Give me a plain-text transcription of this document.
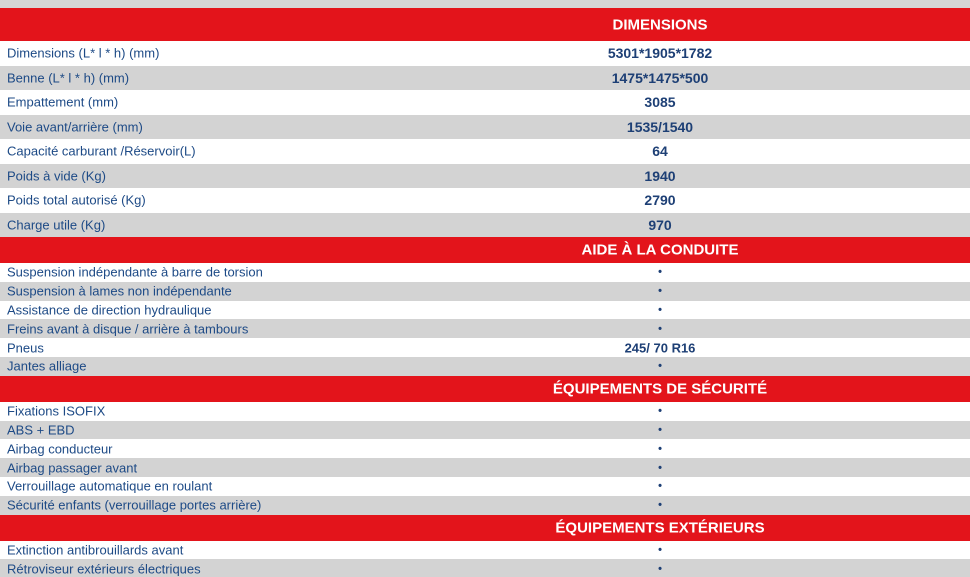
DIMENSIONS
Dimensions (L* l * h) (mm)	5301*1905*1782
Benne (L* l * h) (mm)	1475*1475*500
Empattement (mm)	3085
Voie avant/arrière (mm)	1535/1540
Capacité carburant /Réservoir(L)	64
Poids à vide (Kg)	1940
Poids total autorisé (Kg)	2790
Charge utile (Kg)	970
AIDE À LA CONDUITE
Suspension indépendante à barre de torsion	•
Suspension à lames non indépendante	•
Assistance de direction hydraulique	•
Freins avant à disque / arrière à tambours	•
Pneus	245/ 70 R16
Jantes alliage	•
ÉQUIPEMENTS DE SÉCURITÉ
Fixations ISOFIX	•
ABS + EBD	•
Airbag conducteur	•
Airbag passager avant	•
Verrouillage automatique en roulant	•
Sécurité enfants (verrouillage portes arrière)	•
ÉQUIPEMENTS EXTÉRIEURS
Extinction antibrouillards avant	•
Rétroviseur extérieurs électriques	•
